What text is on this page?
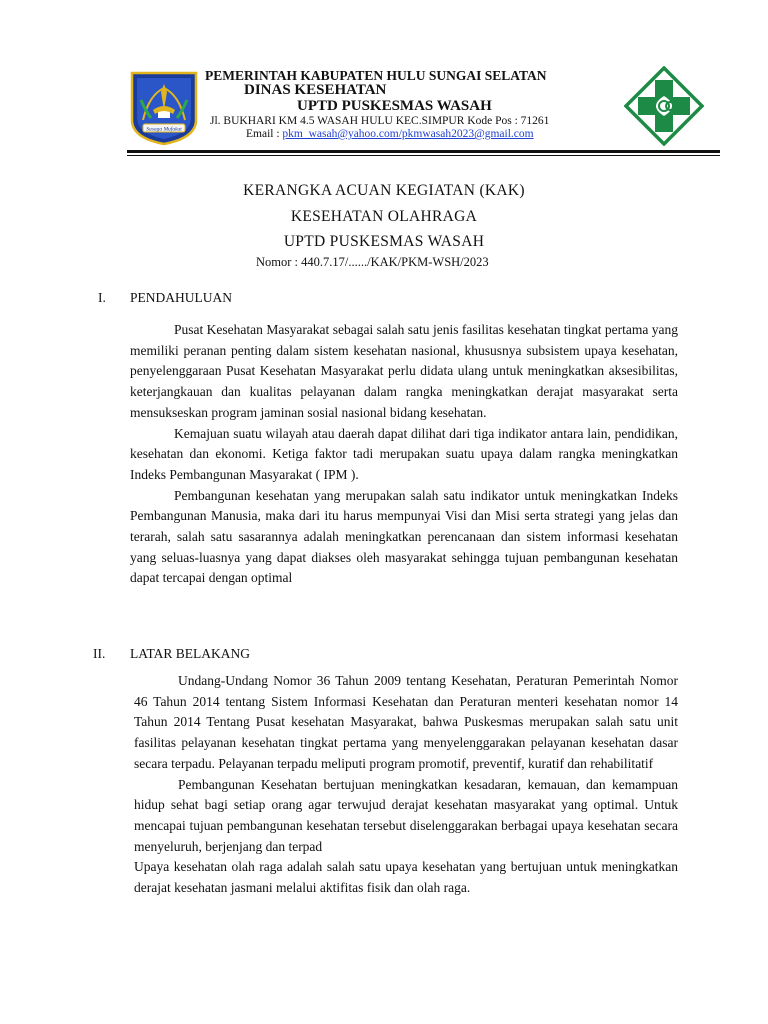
Sasaga Mufakat
PEMERINTAH KABUPATEN HULU SUNGAI SELATAN
DINAS KESEHATAN
UPTD PUSKESMAS WASAH
Jl. BUKHARI KM 4.5 WASAH HULU KEC.SIMPUR Kode Pos : 71261
Email : pkm_wasah@yahoo.com/pkmwasah2023@gmail.com
KERANGKA ACUAN KEGIATAN (KAK)
KESEHATAN OLAHRAGA
UPTD PUSKESMAS WASAH
Nomor : 440.7.17/....../KAK/PKM-WSH/2023
I. PENDAHULUAN

Pusat Kesehatan Masyarakat sebagai salah satu jenis fasilitas kesehatan tingkat pertama yang memiliki peranan penting dalam sistem kesehatan nasional, khususnya subsistem upaya kesehatan, penyelenggaraan Pusat Kesehatan Masyarakat perlu didata ulang untuk meningkatkan aksesibilitas, keterjangkauan dan kualitas pelayanan dalam rangka meningkatkan derajat masyarakat serta mensukseskan program jaminan sosial nasional bidang kesehatan.

Kemajuan suatu wilayah atau daerah dapat dilihat dari tiga indikator antara lain, pendidikan, kesehatan dan ekonomi. Ketiga faktor tadi merupakan suatu upaya dalam rangka meningkatkan Indeks Pembangunan Masyarakat ( IPM ).

Pembangunan kesehatan yang merupakan salah satu indikator untuk meningkatkan Indeks Pembangunan Manusia, maka dari itu harus mempunyai Visi dan Misi serta strategi yang jelas dan terarah, salah satu sasarannya adalah meningkatkan perencanaan dan sistem informasi kesehatan yang seluas-luasnya yang dapat diakses oleh masyarakat sehingga tujuan pembangunan kesehatan dapat tercapai dengan optimal

II. LATAR BELAKANG

Undang-Undang Nomor 36 Tahun 2009 tentang Kesehatan, Peraturan Pemerintah Nomor 46 Tahun 2014 tentang Sistem Informasi Kesehatan dan Peraturan menteri kesehatan nomor 14 Tahun 2014 Tentang Pusat kesehatan Masyarakat, bahwa Puskesmas merupakan salah satu unit fasilitas pelayanan kesehatan tingkat pertama yang menyelenggarakan pelayanan kesehatan dasar secara terpadu. Pelayanan terpadu meliputi program promotif, preventif, kuratif dan rehabilitatif

Pembangunan Kesehatan bertujuan meningkatkan kesadaran, kemauan, dan kemampuan hidup sehat bagi setiap orang agar terwujud derajat kesehatan masyarakat yang optimal. Untuk mencapai tujuan pembangunan kesehatan tersebut diselenggarakan berbagai upaya kesehatan secara menyeluruh, berjenjang dan terpad

Upaya kesehatan olah raga adalah salah satu upaya kesehatan yang bertujuan untuk meningkatkan derajat kesehatan jasmani melalui aktifitas fisik dan olah raga.
